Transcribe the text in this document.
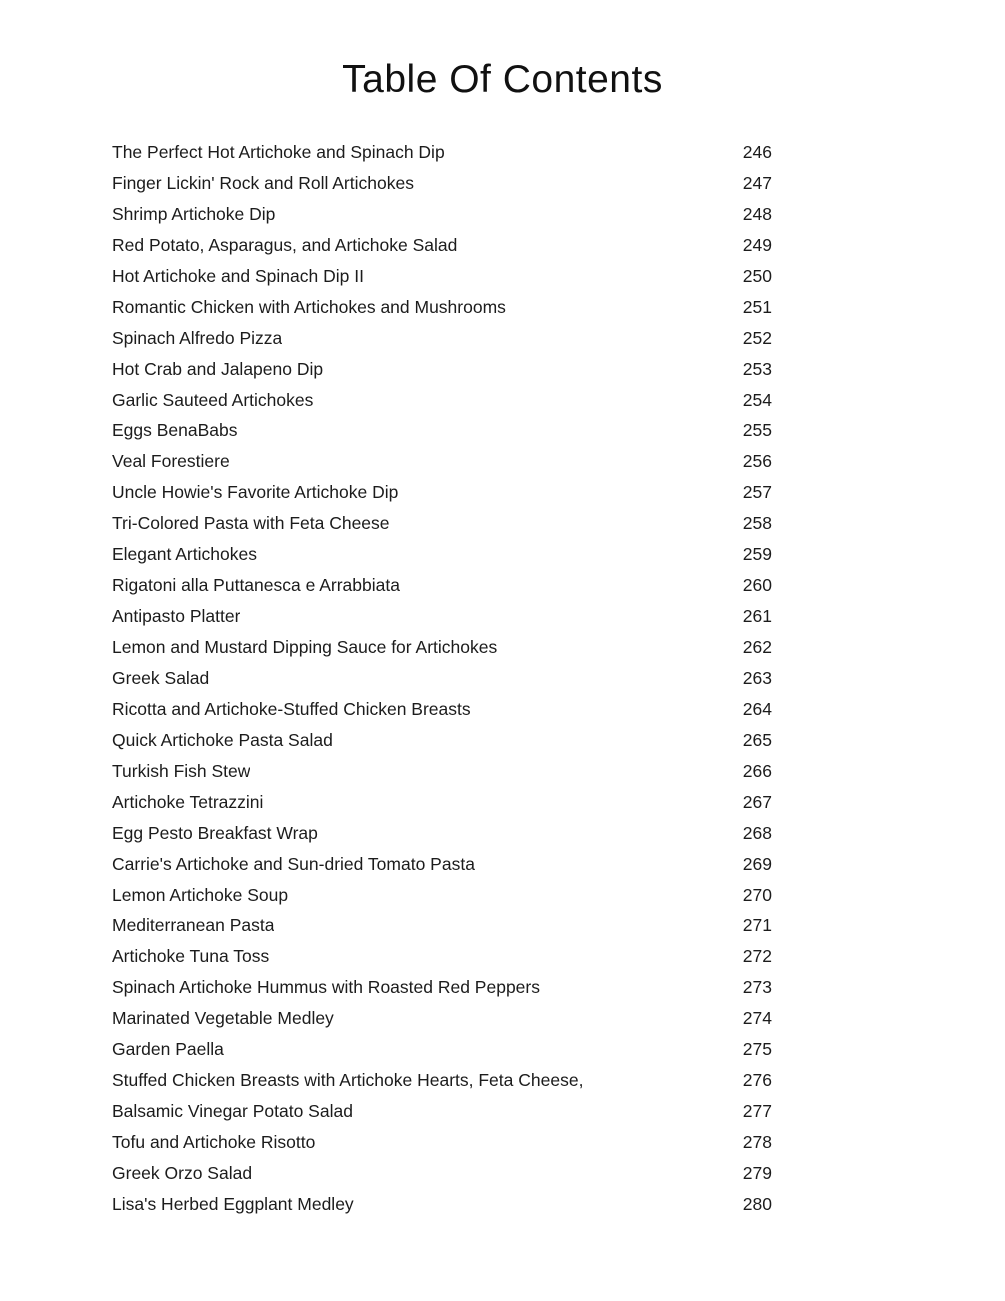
Table Of Contents
The Perfect Hot Artichoke and Spinach Dip	246
Finger Lickin' Rock and Roll Artichokes	247
Shrimp Artichoke Dip	248
Red Potato, Asparagus, and Artichoke Salad	249
Hot Artichoke and Spinach Dip II	250
Romantic Chicken with Artichokes and Mushrooms	251
Spinach Alfredo Pizza	252
Hot Crab and Jalapeno Dip	253
Garlic Sauteed Artichokes	254
Eggs BenaBabs	255
Veal Forestiere	256
Uncle Howie's Favorite Artichoke Dip	257
Tri-Colored Pasta with Feta Cheese	258
Elegant Artichokes	259
Rigatoni alla Puttanesca e Arrabbiata	260
Antipasto Platter	261
Lemon and Mustard Dipping Sauce for Artichokes	262
Greek Salad	263
Ricotta and Artichoke-Stuffed Chicken Breasts	264
Quick Artichoke Pasta Salad	265
Turkish Fish Stew	266
Artichoke Tetrazzini	267
Egg Pesto Breakfast Wrap	268
Carrie's Artichoke and Sun-dried Tomato Pasta	269
Lemon Artichoke Soup	270
Mediterranean Pasta	271
Artichoke Tuna Toss	272
Spinach Artichoke Hummus with Roasted Red Peppers	273
Marinated Vegetable Medley	274
Garden Paella	275
Stuffed Chicken Breasts with Artichoke Hearts, Feta Cheese,	276
Balsamic Vinegar Potato Salad	277
Tofu and Artichoke Risotto	278
Greek Orzo Salad	279
Lisa's Herbed Eggplant Medley	280
